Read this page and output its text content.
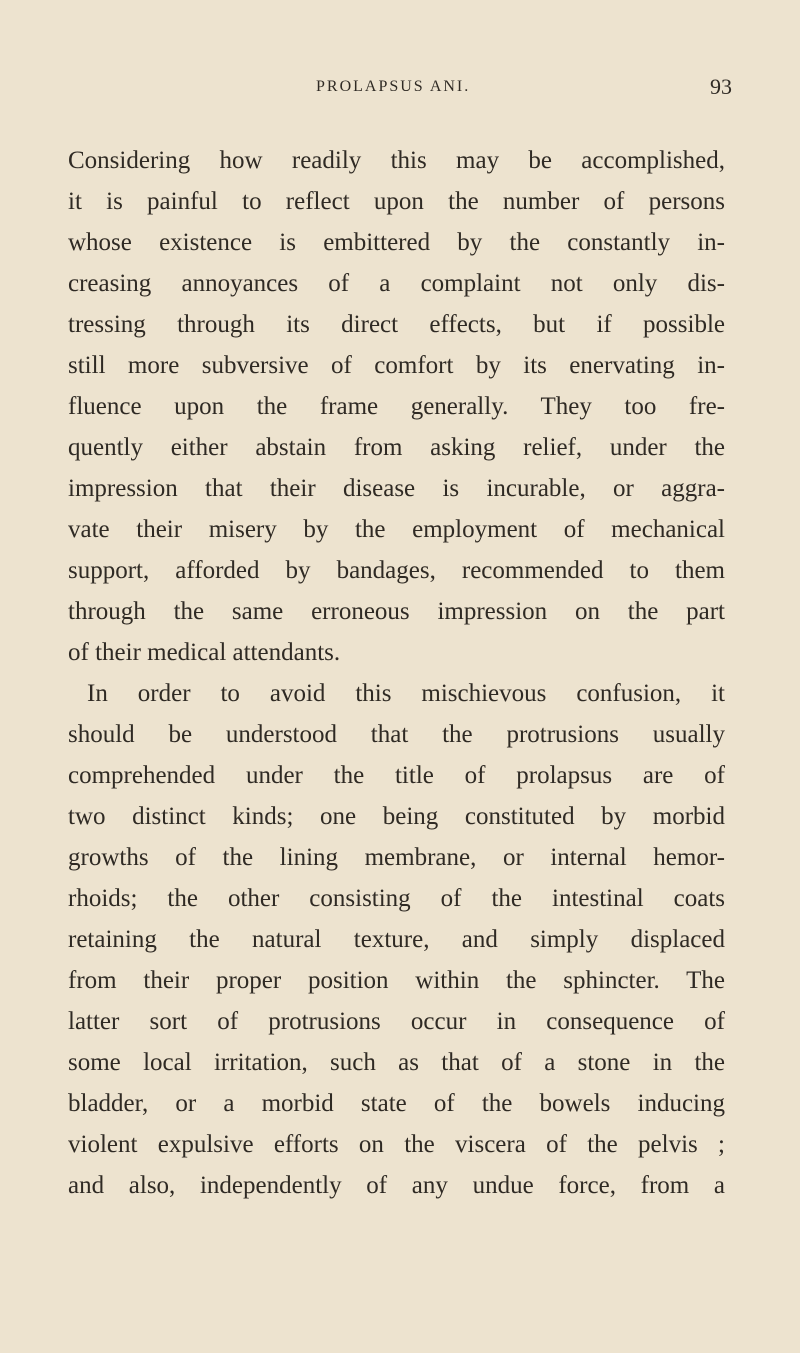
PROLAPSUS ANI.	93
Considering how readily this may be accomplished,
it is painful to reflect upon the number of persons
whose existence is embittered by the constantly in-
creasing annoyances of a complaint not only dis-
tressing through its direct effects, but if possible
still more subversive of comfort by its enervating in-
fluence upon the frame generally. They too fre-
quently either abstain from asking relief, under the
impression that their disease is incurable, or aggra-
vate their misery by the employment of mechanical
support, afforded by bandages, recommended to them
through the same erroneous impression on the part
of their medical attendants.
In order to avoid this mischievous confusion, it
should be understood that the protrusions usually
comprehended under the title of prolapsus are of
two distinct kinds; one being constituted by morbid
growths of the lining membrane, or internal hemor-
rhoids; the other consisting of the intestinal coats
retaining the natural texture, and simply displaced
from their proper position within the sphincter. The
latter sort of protrusions occur in consequence of
some local irritation, such as that of a stone in the
bladder, or a morbid state of the bowels inducing
violent expulsive efforts on the viscera of the pelvis ;
and also, independently of any undue force, from a
